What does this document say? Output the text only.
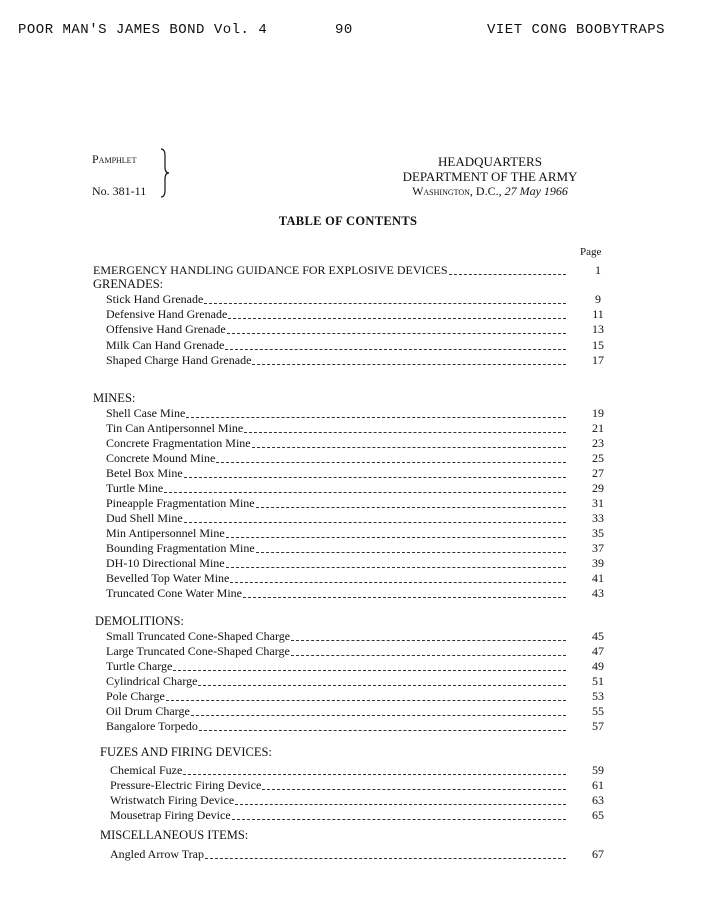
POOR MAN'S JAMES BOND Vol. 4	90	VIET CONG BOOBYTRAPS
Pamphlet
No. 381-11
HEADQUARTERS
DEPARTMENT OF THE ARMY
Washington, D.C., 27 May 1966
TABLE OF CONTENTS
Page
EMERGENCY HANDLING GUIDANCE FOR EXPLOSIVE DEVICES	1
GRENADES:
Stick Hand Grenade	9
Defensive Hand Grenade	11
Offensive Hand Grenade	13
Milk Can Hand Grenade	15
Shaped Charge Hand Grenade	17
MINES:
Shell Case Mine	19
Tin Can Antipersonnel Mine	21
Concrete Fragmentation Mine	23
Concrete Mound Mine	25
Betel Box Mine	27
Turtle Mine	29
Pineapple Fragmentation Mine	31
Dud Shell Mine	33
Min Antipersonnel Mine	35
Bounding Fragmentation Mine	37
DH-10 Directional Mine	39
Bevelled Top Water Mine	41
Truncated Cone Water Mine	43
DEMOLITIONS:
Small Truncated Cone-Shaped Charge	45
Large Truncated Cone-Shaped Charge	47
Turtle Charge	49
Cylindrical Charge	51
Pole Charge	53
Oil Drum Charge	55
Bangalore Torpedo	57
FUZES AND FIRING DEVICES:
Chemical Fuze	59
Pressure-Electric Firing Device	61
Wristwatch Firing Device	63
Mousetrap Firing Device	65
MISCELLANEOUS ITEMS:
Angled Arrow Trap	67
